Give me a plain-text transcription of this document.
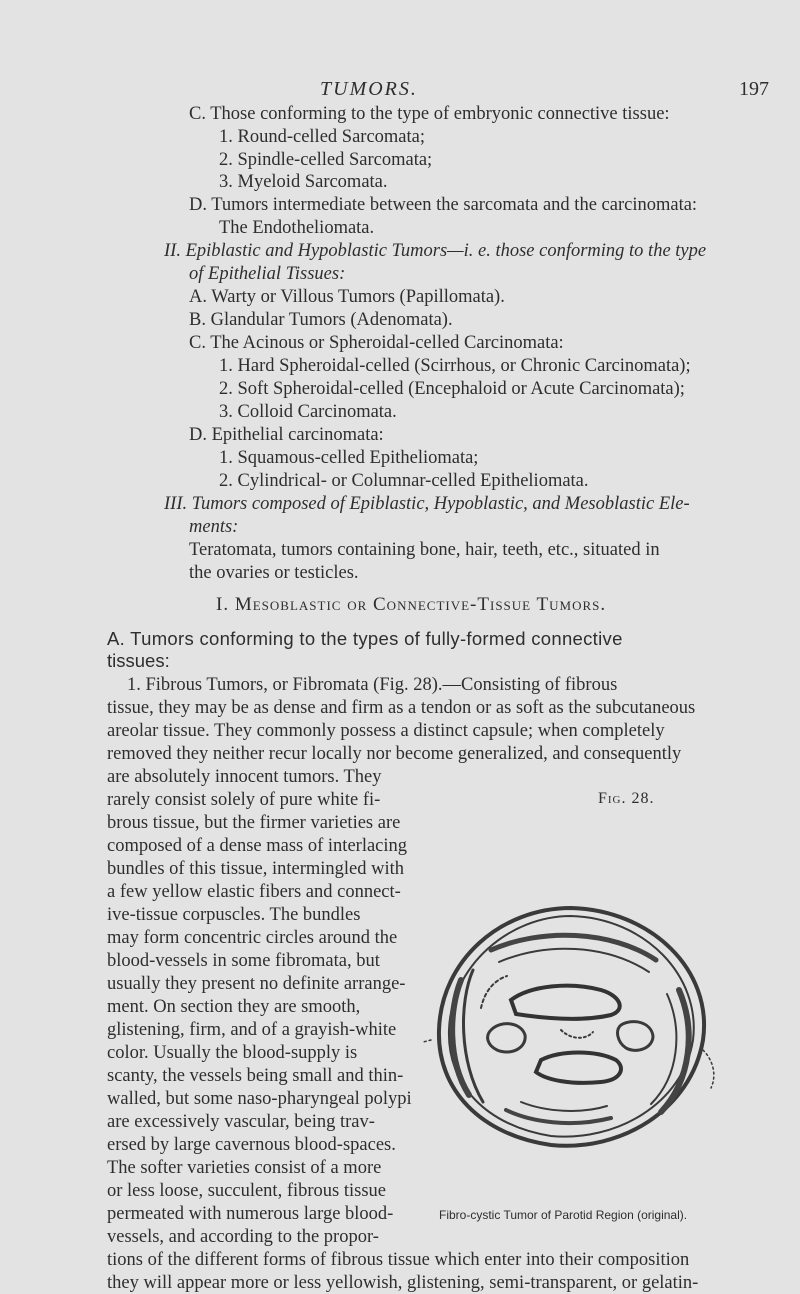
TUMORS.	197
C. Those conforming to the type of embryonic connective tissue:
1. Round-celled Sarcomata;
2. Spindle-celled Sarcomata;
3. Myeloid Sarcomata.
D. Tumors intermediate between the sarcomata and the carcinomata:
The Endotheliomata.
II. Epiblastic and Hypoblastic Tumors—i. e. those conforming to the type
of Epithelial Tissues:
A. Warty or Villous Tumors (Papillomata).
B. Glandular Tumors (Adenomata).
C. The Acinous or Spheroidal-celled Carcinomata:
1. Hard Spheroidal-celled (Scirrhous, or Chronic Carcinomata);
2. Soft Spheroidal-celled (Encephaloid or Acute Carcinomata);
3. Colloid Carcinomata.
D. Epithelial carcinomata:
1. Squamous-celled Epitheliomata;
2. Cylindrical- or Columnar-celled Epitheliomata.
III. Tumors composed of Epiblastic, Hypoblastic, and Mesoblastic Ele-
ments:
Teratomata, tumors containing bone, hair, teeth, etc., situated in
the ovaries or testicles.
I. Mesoblastic or Connective-Tissue Tumors.
A. Tumors conforming to the types of fully-formed connective
tissues:
1. Fibrous Tumors, or Fibromata (Fig. 28).—Consisting of fibrous
tissue, they may be as dense and firm as a tendon or as soft as the subcutaneous
areolar tissue. They commonly possess a distinct capsule; when completely
removed they neither recur locally nor become generalized, and consequently
are absolutely innocent tumors. They
rarely consist solely of pure white fi-
brous tissue, but the firmer varieties are
composed of a dense mass of interlacing
bundles of this tissue, intermingled with
a few yellow elastic fibers and connect-
ive-tissue corpuscles. The bundles
may form concentric circles around the
blood-vessels in some fibromata, but
usually they present no definite arrange-
ment. On section they are smooth,
glistening, firm, and of a grayish-white
color. Usually the blood-supply is
scanty, the vessels being small and thin-
walled, but some naso-pharyngeal polypi
are excessively vascular, being trav-
ersed by large cavernous blood-spaces.
The softer varieties consist of a more
or less loose, succulent, fibrous tissue
permeated with numerous large blood-
vessels, and according to the propor-
tions of the different forms of fibrous tissue which enter into their composition
they will appear more or less yellowish, glistening, semi-transparent, or gelatin-
Fig. 28.
Fibro-cystic Tumor of Parotid Region (original).
